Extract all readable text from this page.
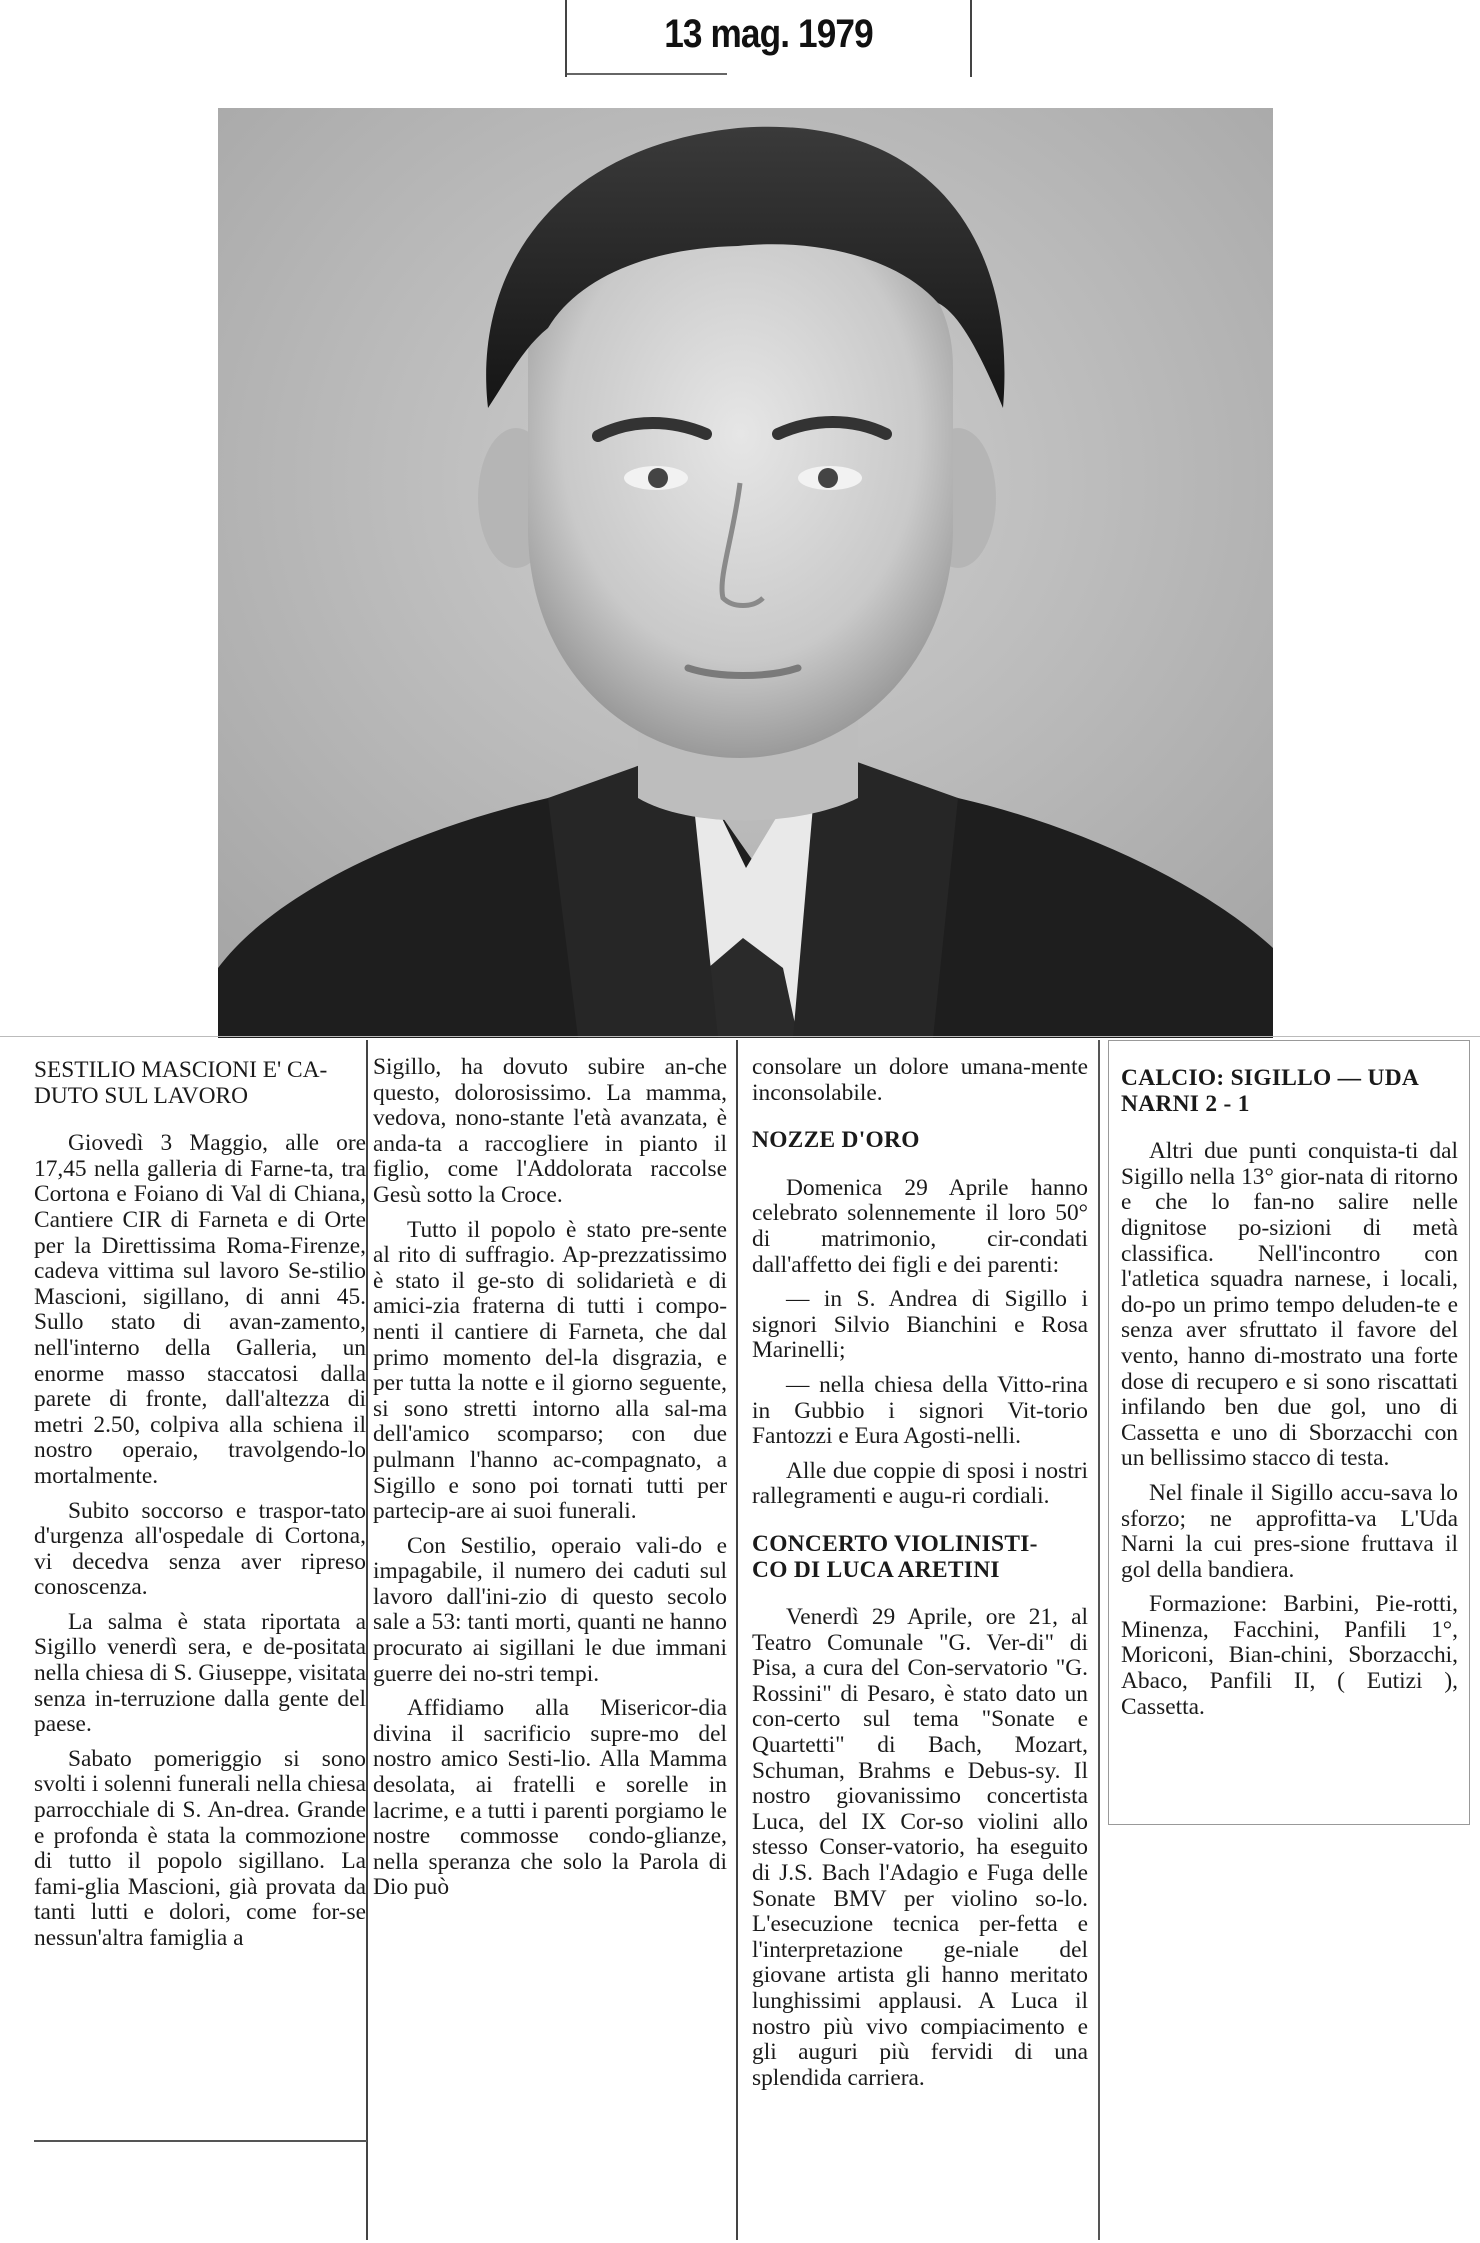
13 mag. 1979
SESTILIO MASCIONI E' CA-
DUTO SUL LAVORO

Giovedì 3 Maggio, alle ore 17,45 nella galleria di Farne-ta, tra Cortona e Foiano di Val di Chiana, Cantiere CIR di Farneta e di Orte per la Direttissima Roma-Firenze, cadeva vittima sul lavoro Se-stilio Mascioni, sigillano, di anni 45. Sullo stato di avan-zamento, nell'interno della Galleria, un enorme masso staccatosi dalla parete di fronte, dall'altezza di metri 2.50, colpiva alla schiena il nostro operaio, travolgendo-lo mortalmente.

Subito soccorso e traspor-tato d'urgenza all'ospedale di Cortona, vi decedva senza aver ripreso conoscenza.

La salma è stata riportata a Sigillo venerdì sera, e de-positata nella chiesa di S. Giuseppe, visitata senza in-terruzione dalla gente del paese.

Sabato pomeriggio si sono svolti i solenni funerali nella chiesa parrocchiale di S. An-drea. Grande e profonda è stata la commozione di tutto il popolo sigillano. La fami-glia Mascioni, già provata da tanti lutti e dolori, come for-se nessun'altra famiglia a

Sigillo, ha dovuto subire an-che questo, dolorosissimo. La mamma, vedova, nono-stante l'età avanzata, è anda-ta a raccogliere in pianto il figlio, come l'Addolorata raccolse Gesù sotto la Croce.

Tutto il popolo è stato pre-sente al rito di suffragio. Ap-prezzatissimo è stato il ge-sto di solidarietà e di amici-zia fraterna di tutti i compo-nenti il cantiere di Farneta, che dal primo momento del-la disgrazia, e per tutta la notte e il giorno seguente, si sono stretti intorno alla sal-ma dell'amico scomparso; con due pulmann l'hanno ac-compagnato, a Sigillo e sono poi tornati tutti per partecip-are ai suoi funerali.

Con Sestilio, operaio vali-do e impagabile, il numero dei caduti sul lavoro dall'ini-zio di questo secolo sale a 53: tanti morti, quanti ne hanno procurato ai sigillani le due immani guerre dei no-stri tempi.

Affidiamo alla Misericor-dia divina il sacrificio supre-mo del nostro amico Sesti-lio. Alla Mamma desolata, ai fratelli e sorelle in lacrime, e a tutti i parenti porgiamo le nostre commosse condo-glianze, nella speranza che solo la Parola di Dio può

consolare un dolore umana-mente inconsolabile.

NOZZE D'ORO

Domenica 29 Aprile hanno celebrato solennemente il loro 50° di matrimonio, cir-condati dall'affetto dei figli e dei parenti:

— in S. Andrea di Sigillo i signori Silvio Bianchini e Rosa Marinelli;

— nella chiesa della Vitto-rina in Gubbio i signori Vit-torio Fantozzi e Eura Agosti-nelli.

Alle due coppie di sposi i nostri rallegramenti e augu-ri cordiali.

CONCERTO VIOLINISTI-
CO DI LUCA ARETINI

Venerdì 29 Aprile, ore 21, al Teatro Comunale "G. Ver-di" di Pisa, a cura del Con-servatorio "G. Rossini" di Pesaro, è stato dato un con-certo sul tema "Sonate e Quartetti" di Bach, Mozart, Schuman, Brahms e Debus-sy. Il nostro giovanissimo concertista Luca, del IX Cor-so violini allo stesso Conser-vatorio, ha eseguito di J.S. Bach l'Adagio e Fuga delle Sonate BMV per violino so-lo. L'esecuzione tecnica per-fetta e l'interpretazione ge-niale del giovane artista gli hanno meritato lunghissimi applausi. A Luca il nostro più vivo compiacimento e gli auguri più fervidi di una splendida carriera.

CALCIO: SIGILLO — UDA
NARNI 2 - 1

Altri due punti conquista-ti dal Sigillo nella 13° gior-nata di ritorno e che lo fan-no salire nelle dignitose po-sizioni di metà classifica. Nell'incontro con l'atletica squadra narnese, i locali, do-po un primo tempo deluden-te e senza aver sfruttato il favore del vento, hanno di-mostrato una forte dose di recupero e si sono riscattati infilando ben due gol, uno di Cassetta e uno di Sborzacchi con un bellissimo stacco di testa.

Nel finale il Sigillo accu-sava lo sforzo; ne approfitta-va L'Uda Narni la cui pres-sione fruttava il gol della bandiera.

Formazione: Barbini, Pie-rotti, Minenza, Facchini, Panfili 1°, Moriconi, Bian-chini, Sborzacchi, Abaco, Panfili II, ( Eutizi ), Cassetta.
